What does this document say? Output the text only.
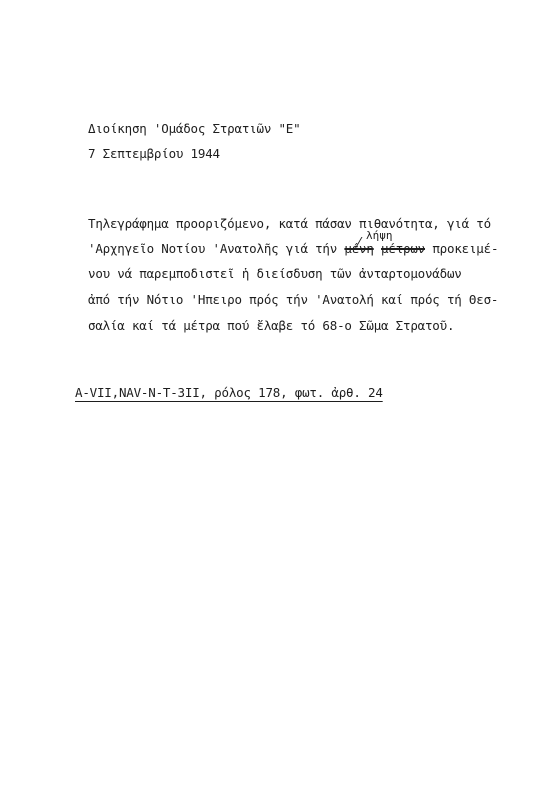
Διοίκηση 'Ομάδος Στρατιῶν "Ε"
7 Σεπτεμβρίου 1944
Τηλεγράφημα προοριζόμενο, κατά πάσαν πιθανότητα, γιά τό
λήψη
'Αρχηγεῖο Νοτίου 'Ανατολῆς γιά τήν μένη μέτρων προκειμέ-
νου νά παρεμποδιστεῖ ἡ διείσδυση τῶν ἀνταρτομονάδων
ἀπό τήν Νότιο 'Ηπειρο πρός τήν 'Ανατολή καί πρός τή Θεσ-
σαλία καί τά μέτρα πού ἔλαβε τό 68-ο Σῶμα Στρατοῦ.
A-VII,NAV-N-T-3II, ρόλος 178, φωτ. ἀρθ. 24
